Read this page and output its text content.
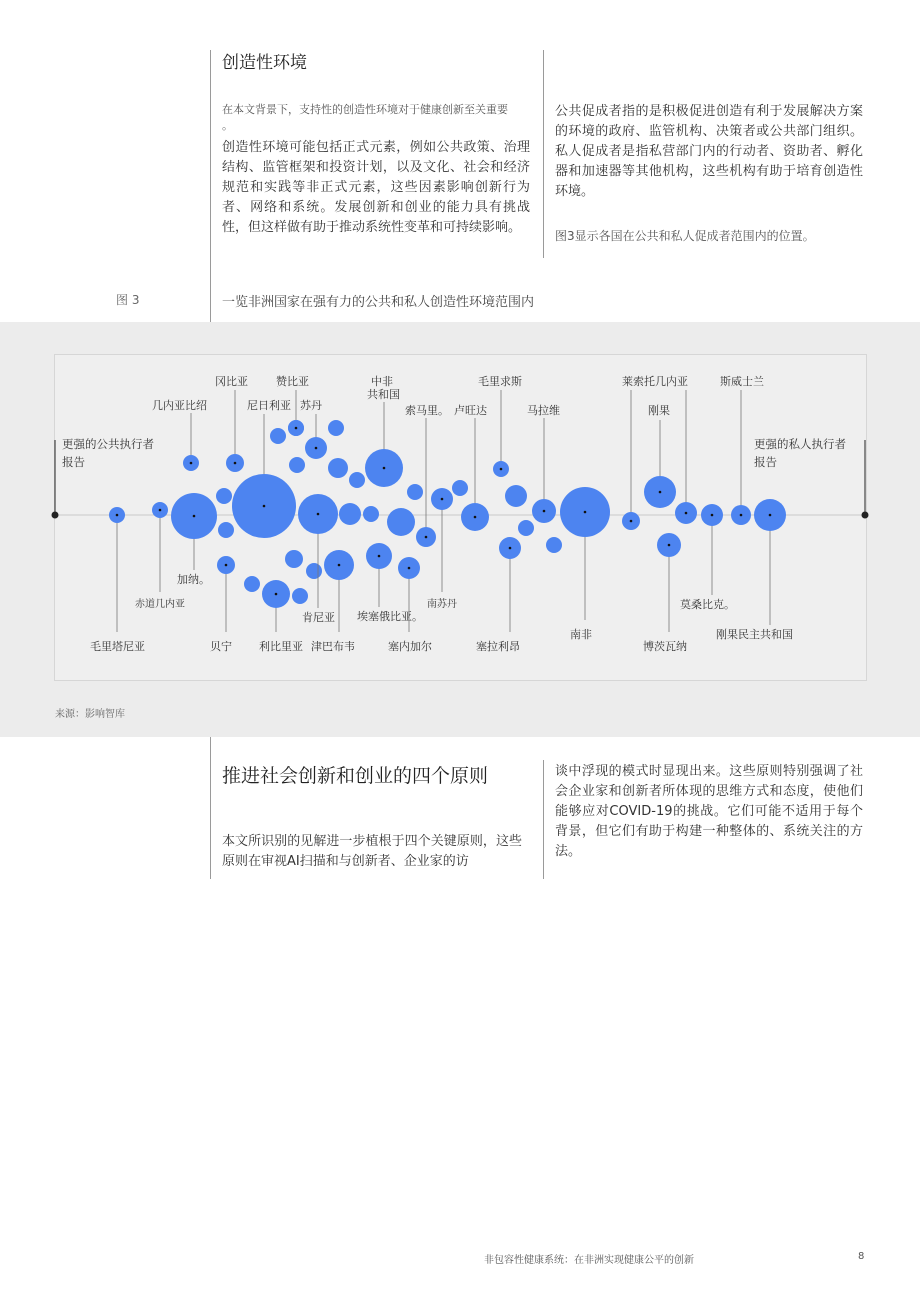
创造性环境
在本文背景下，支持性的创造性环境对于健康创新至关重要
。
创造性环境可能包括正式元素，例如公共政策、治理结构、监管框架和投资计划，以及文化、社会和经济规范和实践等非正式元素，这些因素影响创新行为者、网络和系统。发展创新和创业的能力具有挑战性，但这样做有助于推动系统性变革和可持续影响。
公共促成者指的是积极促进创造有利于发展解决方案的环境的政府、监管机构、决策者或公共部门组织。私人促成者是指私营部门内的行动者、资助者、孵化器和加速器等其他机构，这些机构有助于培育创造性环境。
图3显示各国在公共和私人促成者范围内的位置。
图 3	一览非洲国家在强有力的公共和私人创造性环境范围内
更强的公共执行者
报告
更强的私人执行者
报告
毛里塔尼亚
赤道几内亚
几内亚比绍
加纳。
冈比亚
贝宁
尼日利亚
利比里亚
赞比亚
苏丹
肯尼亚
津巴布韦
中非
共和国
埃塞俄比亚。
塞内加尔
索马里。
南苏丹
卢旺达
毛里求斯
塞拉利昂
马拉维
南非
莱索托几内亚
刚果
博茨瓦纳
刚果民主共和国
莫桑比克。
斯威士兰
来源：影响智库
推进社会创新和创业的四个原则
本文所识别的见解进一步植根于四个关键原则，这些原则在审视AI扫描和与创新者、企业家的访
谈中浮现的模式时显现出来。这些原则特别强调了社会企业家和创新者所体现的思维方式和态度，使他们能够应对COVID-19的挑战。它们可能不适用于每个背景，但它们有助于构建一种整体的、系统关注的方法。
非包容性健康系统：在非洲实现健康公平的创新	8
